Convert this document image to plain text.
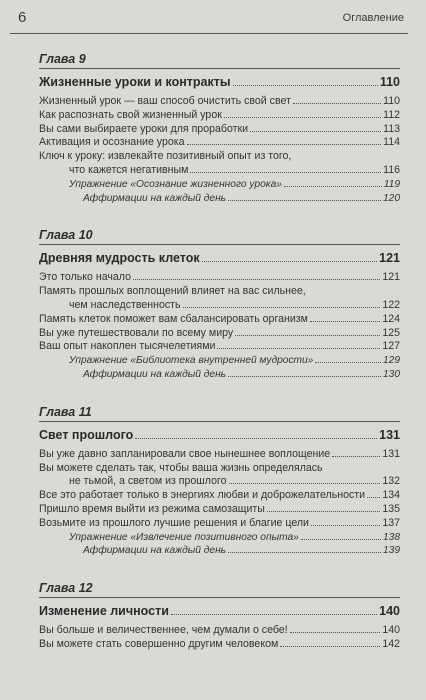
6	Оглавление
Глава 9
Жизненные уроки и контракты	110
Жизненный урок — ваш способ очистить свой свет	110
Как распознать свой жизненный урок	112
Вы сами выбираете уроки для проработки	113
Активация и осознание урока	114
Ключ к уроку: извлекайте позитивный опыт из того,
что кажется негативным	116
Упражнение «Осознание жизненного урока»	119
Аффирмации на каждый день	120
Глава 10
Древняя мудрость клеток	121
Это только начало	121
Память прошлых воплощений влияет на вас сильнее,
чем наследственность	122
Память клеток поможет вам сбалансировать организм	124
Вы уже путешествовали по всему миру	125
Ваш опыт накоплен тысячелетиями	127
Упражнение «Библиотека внутренней мудрости»	129
Аффирмации на каждый день	130
Глава 11
Свет прошлого	131
Вы уже давно запланировали свое нынешнее воплощение	131
Вы можете сделать так, чтобы ваша жизнь определялась
не тьмой, а светом из прошлого	132
Все это работает только в энергиях любви и доброжелательности 134
Пришло время выйти из режима самозащиты	135
Возьмите из прошлого лучшие решения и благие цели	137
Упражнение «Извлечение позитивного опыта»	138
Аффирмации на каждый день	139
Глава 12
Изменение личности	140
Вы больше и величественнее, чем думали о себе!	140
Вы можете стать совершенно другим человеком	142
